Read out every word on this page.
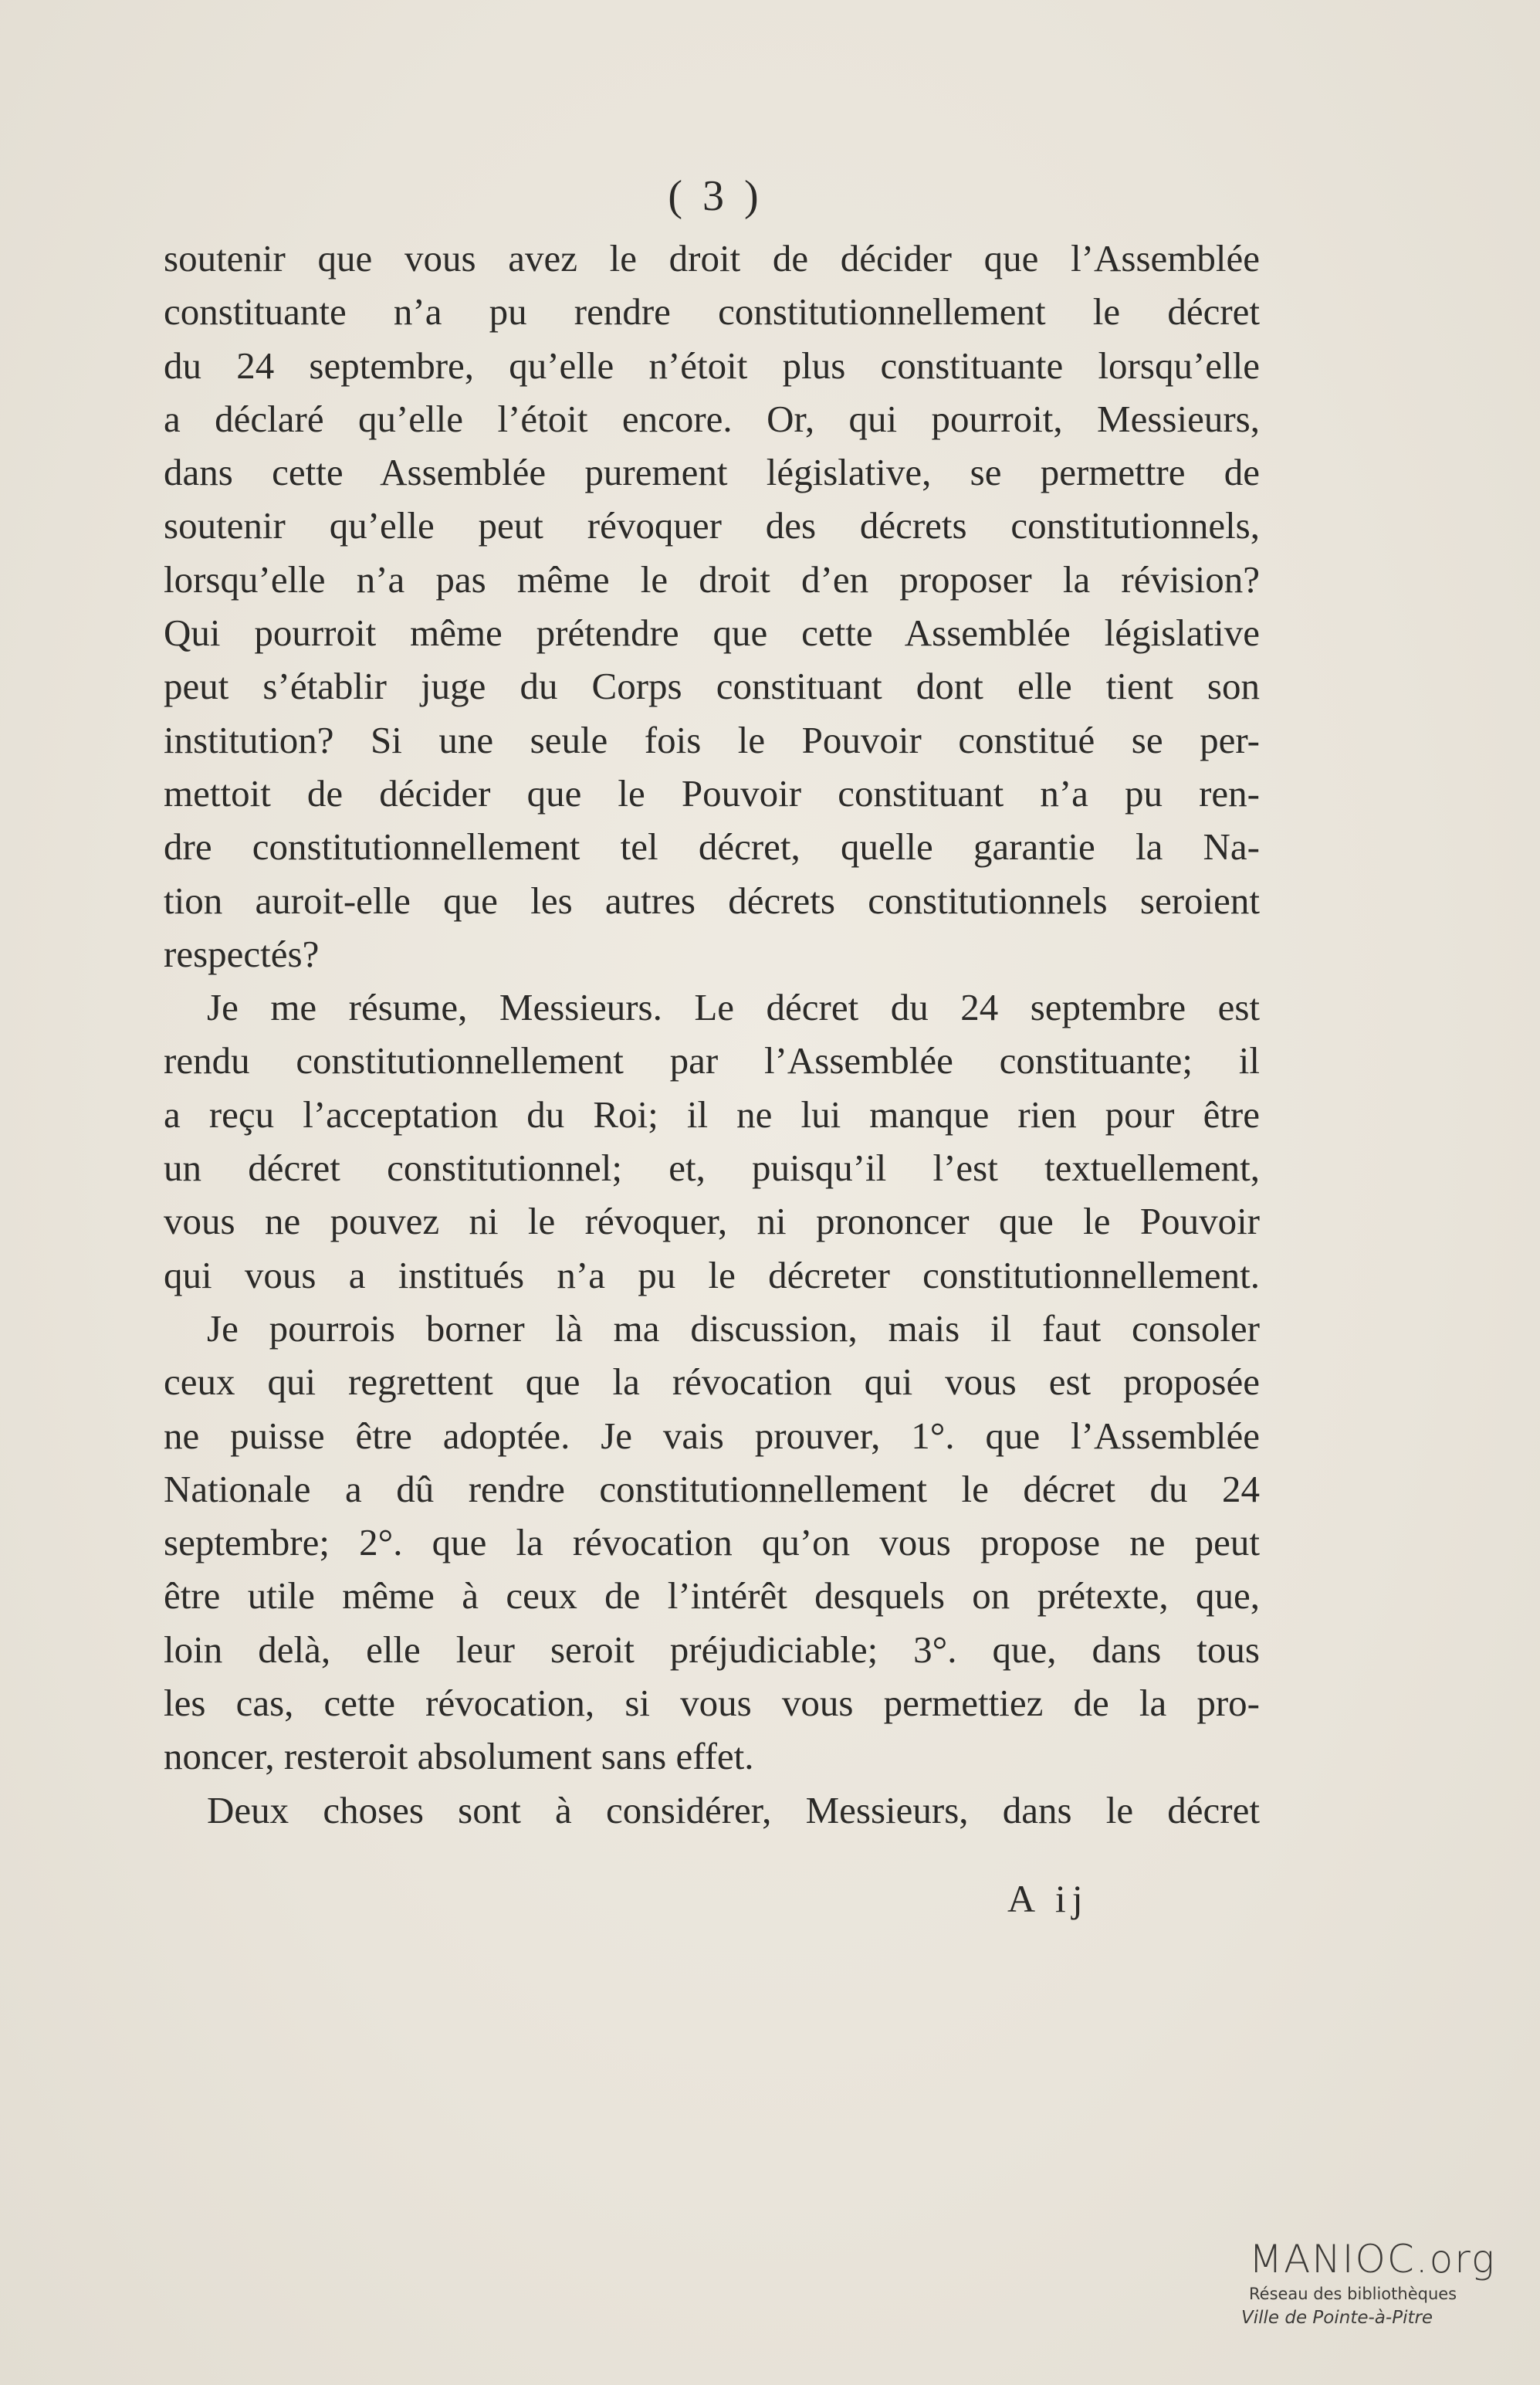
( 3 )
soutenir que vous avez le droit de décider que l’Assemblée
constituante n’a pu rendre constitutionnellement le décret
du 24 septembre, qu’elle n’étoit plus constituante lorsqu’elle
a déclaré qu’elle l’étoit encore. Or, qui pourroit, Messieurs,
dans cette Assemblée purement législative, se permettre de
soutenir qu’elle peut révoquer des décrets constitutionnels,
lorsqu’elle n’a pas même le droit d’en proposer la révision?
Qui pourroit même prétendre que cette Assemblée législative
peut s’établir juge du Corps constituant dont elle tient son
institution? Si une seule fois le Pouvoir constitué se per-
mettoit de décider que le Pouvoir constituant n’a pu ren-
dre constitutionnellement tel décret, quelle garantie la Na-
tion auroit-elle que les autres décrets constitutionnels seroient
respectés?
Je me résume, Messieurs. Le décret du 24 septembre est
rendu constitutionnellement par l’Assemblée constituante; il
a reçu l’acceptation du Roi; il ne lui manque rien pour être
un décret constitutionnel; et, puisqu’il l’est textuellement,
vous ne pouvez ni le révoquer, ni prononcer que le Pouvoir
qui vous a institués n’a pu le décreter constitutionnellement.
Je pourrois borner là ma discussion, mais il faut consoler
ceux qui regrettent que la révocation qui vous est proposée
ne puisse être adoptée. Je vais prouver, 1°. que l’Assemblée
Nationale a dû rendre constitutionnellement le décret du 24
septembre; 2°. que la révocation qu’on vous propose ne peut
être utile même à ceux de l’intérêt desquels on prétexte, que,
loin delà, elle leur seroit préjudiciable; 3°. que, dans tous
les cas, cette révocation, si vous vous permettiez de la pro-
noncer, resteroit absolument sans effet.
Deux choses sont à considérer, Messieurs, dans le décret
A ij
MANIOC.org
Réseau des bibliothèques
Ville de Pointe-à-Pitre
